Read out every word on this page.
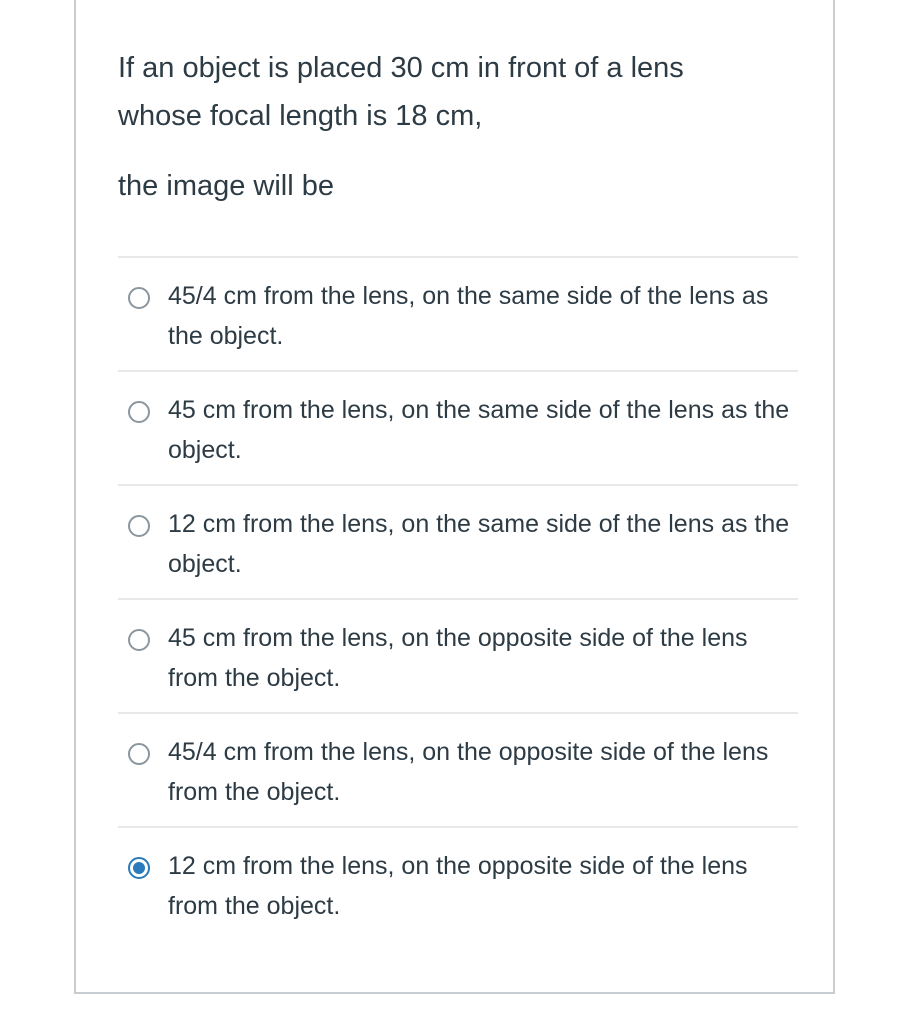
If an object is placed 30 cm in front of a lens whose focal length is 18 cm,

the image will be

45/4 cm from the lens, on the same side of the lens as the object.
45 cm from the lens, on the same side of the lens as the object.
12 cm from the lens, on the same side of the lens as the object.
45 cm from the lens, on the opposite side of the lens from the object.
45/4 cm from the lens, on the opposite side of the lens from the object.
12 cm from the lens, on the opposite side of the lens from the object.
